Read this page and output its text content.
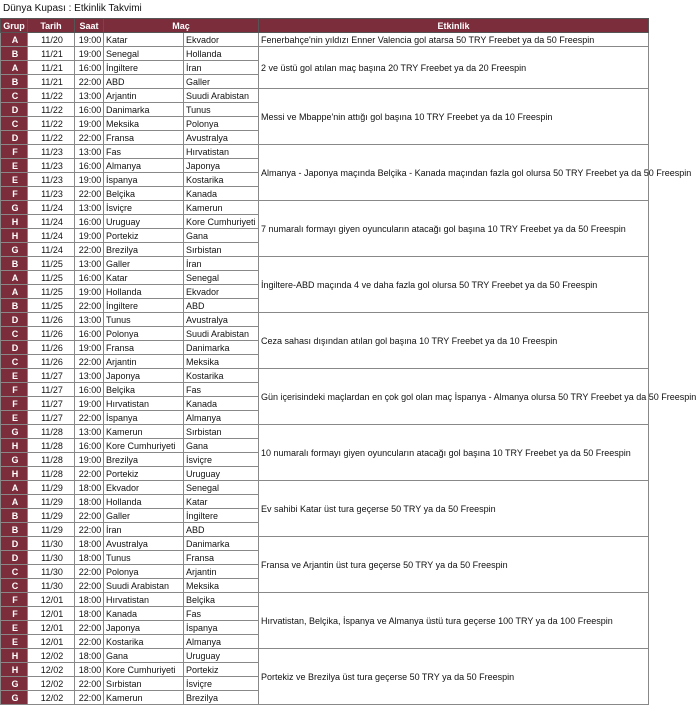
Dünya Kupası : Etkinlik Takvimi
Grup	Tarih	Saat	Maç		Etkinlik
A	11/20	19:00	Katar	Ekvador	Fenerbahçe'nin yıldızı Enner Valencia gol atarsa 50 TRY Freebet ya da 50 Freespin
B	11/21	19:00	Senegal	Hollanda	2 ve üstü gol atılan maç başına 20 TRY Freebet ya da 20 Freespin
A	11/21	16:00	İngiltere	İran	
B	11/21	22:00	ABD	Galler	
C	11/22	13:00	Arjantin	Suudi Arabistan	Messi ve Mbappe'nin attığı gol başına 10 TRY Freebet ya da 10 Freespin
D	11/22	16:00	Danimarka	Tunus	
C	11/22	19:00	Meksika	Polonya	
D	11/22	22:00	Fransa	Avustralya	
F	11/23	13:00	Fas	Hırvatistan	Almanya - Japonya maçında Belçika - Kanada maçından fazla gol olursa 50 TRY Freebet ya da 50 Freespin
E	11/23	16:00	Almanya	Japonya	
E	11/23	19:00	İspanya	Kostarika	
F	11/23	22:00	Belçika	Kanada	
G	11/24	13:00	İsviçre	Kamerun	7 numaralı formayı giyen oyuncuların atacağı gol başına 10 TRY Freebet ya da 50 Freespin
H	11/24	16:00	Uruguay	Kore Cumhuriyeti	
H	11/24	19:00	Portekiz	Gana	
G	11/24	22:00	Brezilya	Sırbistan	
B	11/25	13:00	Galler	İran	İngiltere-ABD maçında 4 ve daha fazla gol olursa 50 TRY Freebet ya da 50 Freespin
A	11/25	16:00	Katar	Senegal	
A	11/25	19:00	Hollanda	Ekvador	
B	11/25	22:00	İngiltere	ABD	
D	11/26	13:00	Tunus	Avustralya	Ceza sahası dışından atılan gol başına 10 TRY Freebet ya da 10 Freespin
C	11/26	16:00	Polonya	Suudi Arabistan	
D	11/26	19:00	Fransa	Danimarka	
C	11/26	22:00	Arjantin	Meksika	
E	11/27	13:00	Japonya	Kostarika	Gün içerisindeki maçlardan en çok gol olan maç İspanya - Almanya olursa 50 TRY Freebet ya da 50 Freespin
F	11/27	16:00	Belçika	Fas	
F	11/27	19:00	Hırvatistan	Kanada	
E	11/27	22:00	İspanya	Almanya	
G	11/28	13:00	Kamerun	Sırbistan	10 numaralı formayı giyen oyuncuların atacağı gol başına 10 TRY Freebet ya da 50 Freespin
H	11/28	16:00	Kore Cumhuriyeti	Gana	
G	11/28	19:00	Brezilya	İsviçre	
H	11/28	22:00	Portekiz	Uruguay	
A	11/29	18:00	Ekvador	Senegal	Ev sahibi Katar üst tura geçerse 50 TRY ya da 50 Freespin
A	11/29	18:00	Hollanda	Katar	
B	11/29	22:00	Galler	İngiltere	
B	11/29	22:00	İran	ABD	
D	11/30	18:00	Avustralya	Danimarka	Fransa ve Arjantin üst tura geçerse 50 TRY ya da 50 Freespin
D	11/30	18:00	Tunus	Fransa	
C	11/30	22:00	Polonya	Arjantin	
C	11/30	22:00	Suudi Arabistan	Meksika	
F	12/01	18:00	Hırvatistan	Belçika	Hırvatistan, Belçika, İspanya ve Almanya üstü tura geçerse 100 TRY ya da 100 Freespin
F	12/01	18:00	Kanada	Fas	
E	12/01	22:00	Japonya	İspanya	
E	12/01	22:00	Kostarika	Almanya	
H	12/02	18:00	Gana	Uruguay	Portekiz ve Brezilya üst tura geçerse 50 TRY ya da 50 Freespin
H	12/02	18:00	Kore Cumhuriyeti	Portekiz	
G	12/02	22:00	Sırbistan	İsviçre	
G	12/02	22:00	Kamerun	Brezilya	
